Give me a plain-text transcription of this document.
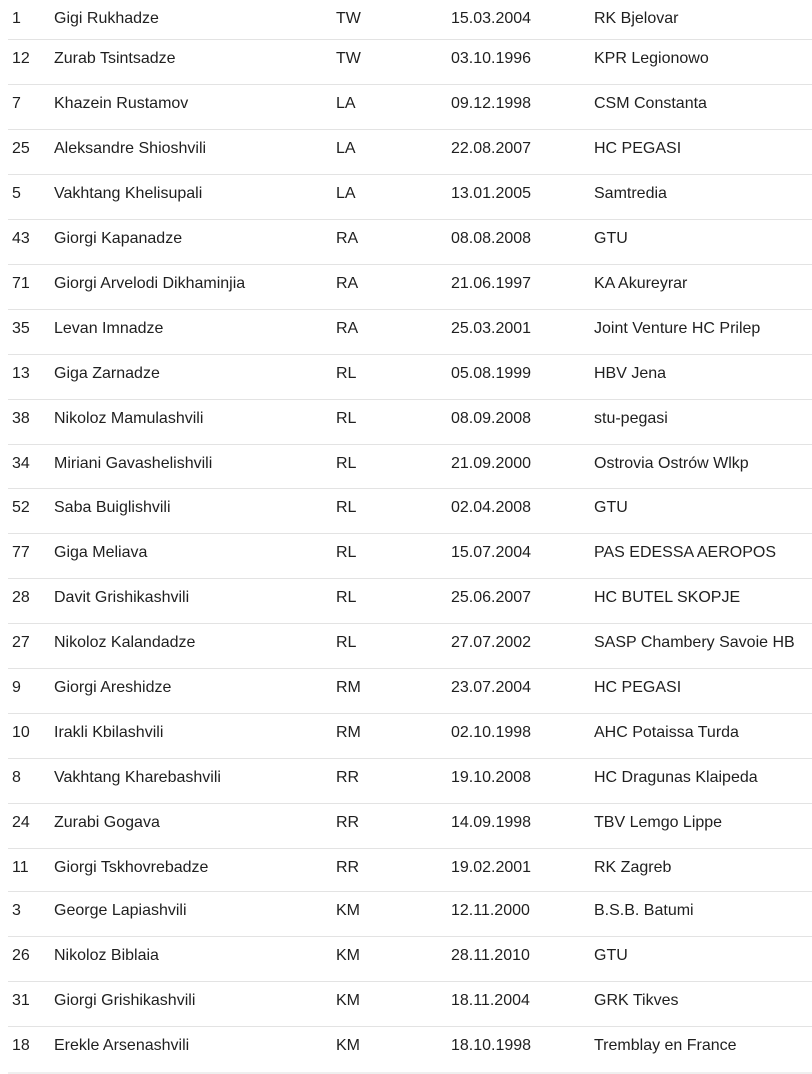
1 Gigi Rukhadze	TW	15.03.2004	RK Bjelovar
12 Zurab Tsintsadze	TW	03.10.1996	KPR Legionowo
7 Khazein Rustamov	LA	09.12.1998	CSM Constanta
25 Aleksandre Shioshvili	LA	22.08.2007	HC PEGASI
5 Vakhtang Khelisupali	LA	13.01.2005	Samtredia
43 Giorgi Kapanadze	RA	08.08.2008	GTU
71 Giorgi Arvelodi Dikhaminjia	RA	21.06.1997	KA Akureyrar
35 Levan Imnadze	RA	25.03.2001	Joint Venture HC Prilep
13 Giga Zarnadze	RL	05.08.1999	HBV Jena
38 Nikoloz Mamulashvili	RL	08.09.2008	stu-pegasi
34 Miriani Gavashelishvili	RL	21.09.2000	Ostrovia Ostrów Wlkp
52 Saba Buiglishvili	RL	02.04.2008	GTU
77 Giga Meliava	RL	15.07.2004	PAS EDESSA AEROPOS
28 Davit Grishikashvili	RL	25.06.2007	HC BUTEL SKOPJE
27 Nikoloz Kalandadze	RL	27.07.2002	SASP Chambery Savoie HB
9 Giorgi Areshidze	RM	23.07.2004	HC PEGASI
10 Irakli Kbilashvili	RM	02.10.1998	AHC Potaissa Turda
8 Vakhtang Kharebashvili	RR	19.10.2008	HC Dragunas Klaipeda
24 Zurabi Gogava	RR	14.09.1998	TBV Lemgo Lippe
11 Giorgi Tskhovrebadze	RR	19.02.2001	RK Zagreb
3 George Lapiashvili	KM	12.11.2000	B.S.B. Batumi
26 Nikoloz Biblaia	KM	28.11.2010	GTU
31 Giorgi Grishikashvili	KM	18.11.2004	GRK Tikves
18 Erekle Arsenashvili	KM	18.10.1998	Tremblay en France
